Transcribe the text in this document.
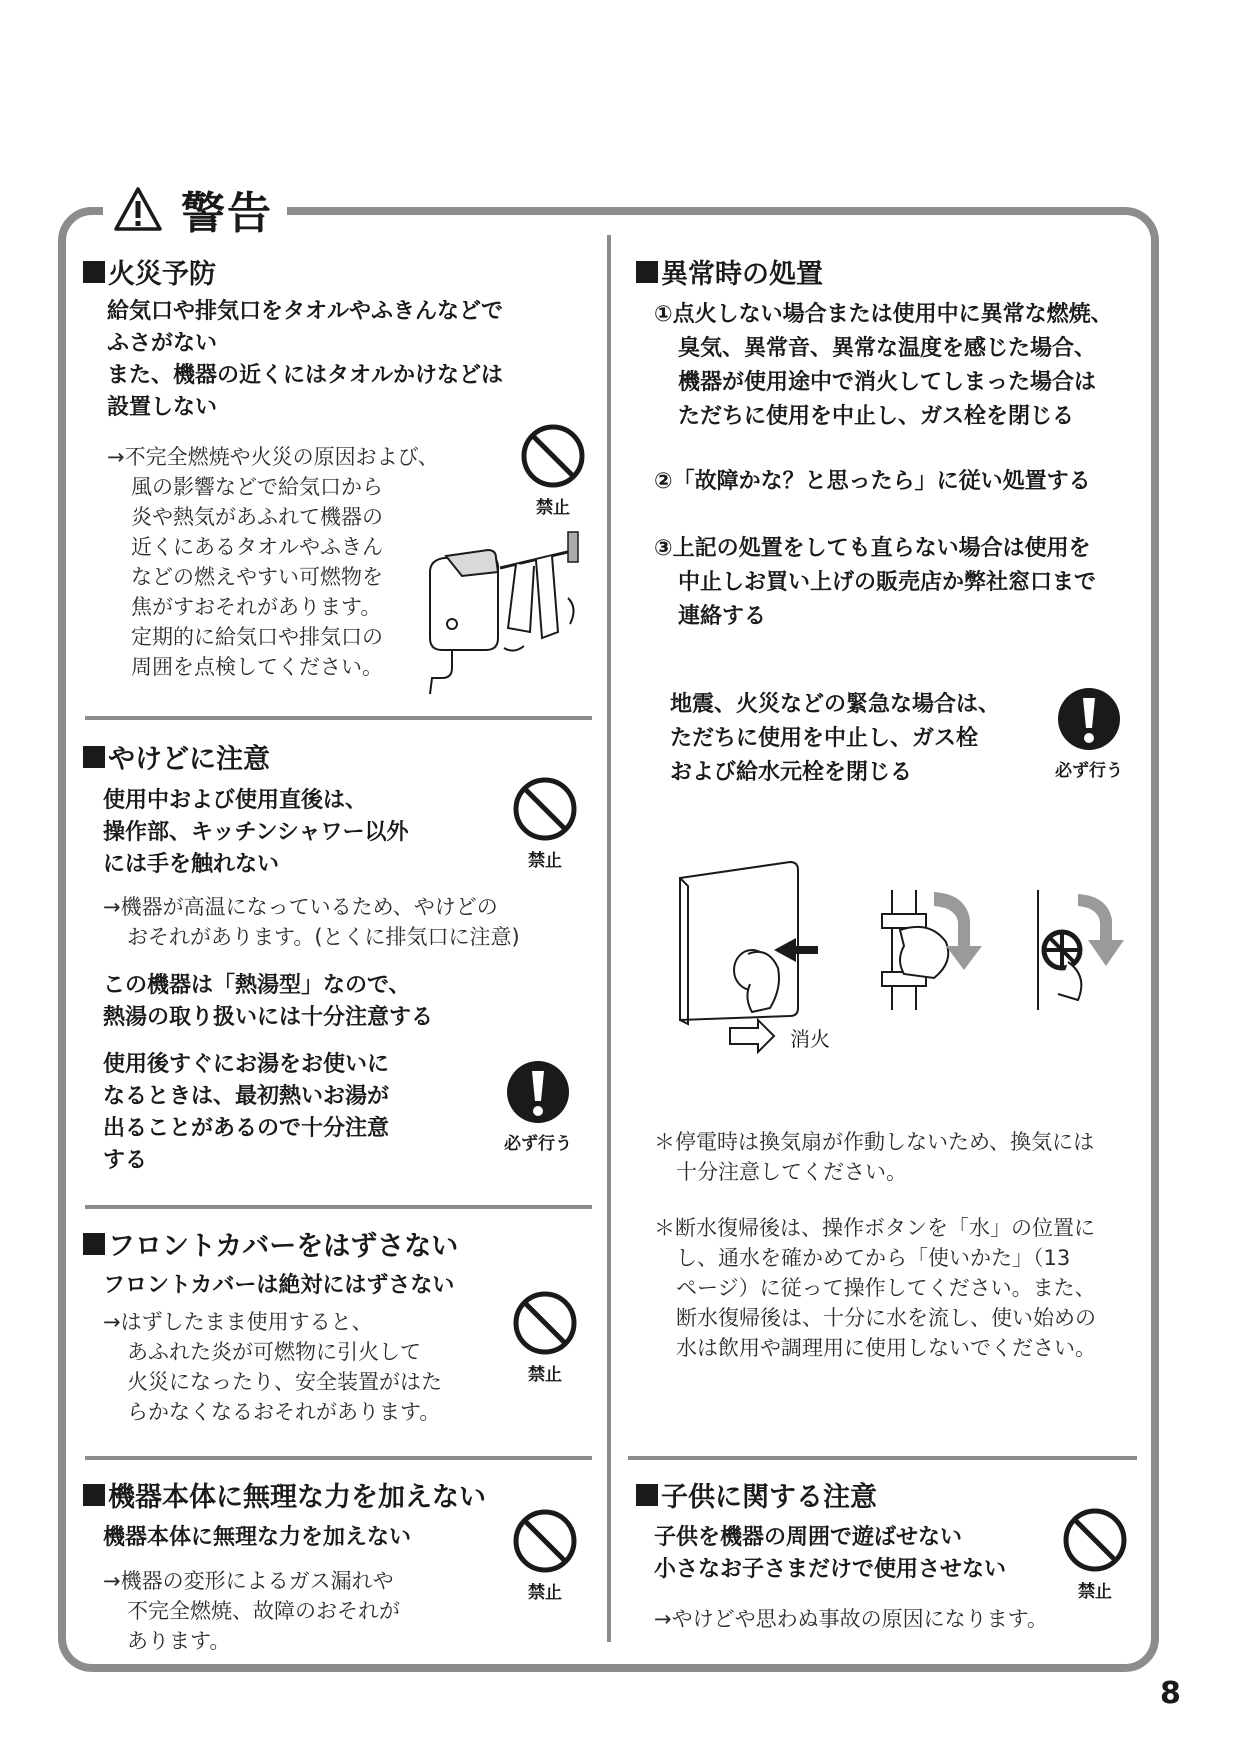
警告
火災予防
給気口や排気口をタオルやふきんなどで
ふさがない
また、機器の近くにはタオルかけなどは
設置しない
→不完全燃焼や火災の原因および、
風の影響などで給気口から
炎や熱気があふれて機器の
近くにあるタオルやふきん
などの燃えやすい可燃物を
焦がすおそれがあります。
定期的に給気口や排気口の
周囲を点検してください。
禁止
やけどに注意
使用中および使用直後は、
操作部、キッチンシャワー以外
には手を触れない	禁止
→機器が高温になっているため、やけどの
おそれがあります。(とくに排気口に注意)
この機器は「熱湯型」なので、
熱湯の取り扱いには十分注意する
使用後すぐにお湯をお使いに
なるときは、最初熱いお湯が
出ることがあるので十分注意
する
必ず行う
フロントカバーをはずさない
フロントカバーは絶対にはずさない
→はずしたまま使用すると、
あふれた炎が可燃物に引火して
火災になったり、安全装置がはた
らかなくなるおそれがあります。
禁止
機器本体に無理な力を加えない
機器本体に無理な力を加えない
→機器の変形によるガス漏れや
不完全燃焼、故障のおそれが
あります。
禁止
異常時の処置
①点火しない場合または使用中に異常な燃焼、
臭気、異常音、異常な温度を感じた場合、
機器が使用途中で消火してしまった場合は
ただちに使用を中止し、ガス栓を閉じる
②「故障かな？と思ったら」に従い処置する
③上記の処置をしても直らない場合は使用を
中止しお買い上げの販売店か弊社窓口まで
連絡する
地震、火災などの緊急な場合は、
ただちに使用を中止し、ガス栓
および給水元栓を閉じる	必ず行う
消火
＊停電時は換気扇が作動しないため、換気には
十分注意してください。
＊断水復帰後は、操作ボタンを「水」の位置に
し、通水を確かめてから「使いかた」（13
ページ）に従って操作してください。また、
断水復帰後は、十分に水を流し、使い始めの
水は飲用や調理用に使用しないでください。
子供に関する注意
子供を機器の周囲で遊ばせない
小さなお子さまだけで使用させない
→やけどや思わぬ事故の原因になります。
禁止
8
